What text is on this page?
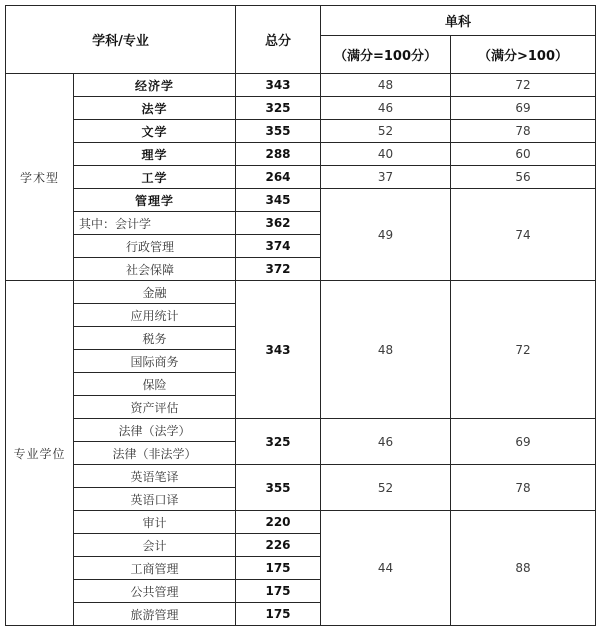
学科/专业		总分	单科	
			（满分=100分）	（满分>100）
学术型	经济学	343	48	72
	法学	325	46	69
	文学	355	52	78
	理学	288	40	60
	工学	264	37	56
	管理学	345	49	74
	其中：会计学	362		
	行政管理	374		
	社会保障	372		
专业学位	金融	343	48	72
	应用统计			
	税务			
	国际商务			
	保险			
	资产评估			
	法律（法学）	325	46	69
	法律（非法学）			
	英语笔译	355	52	78
	英语口译			
	审计	220	44	88
	会计	226		
	工商管理	175		
	公共管理	175		
	旅游管理	175		
